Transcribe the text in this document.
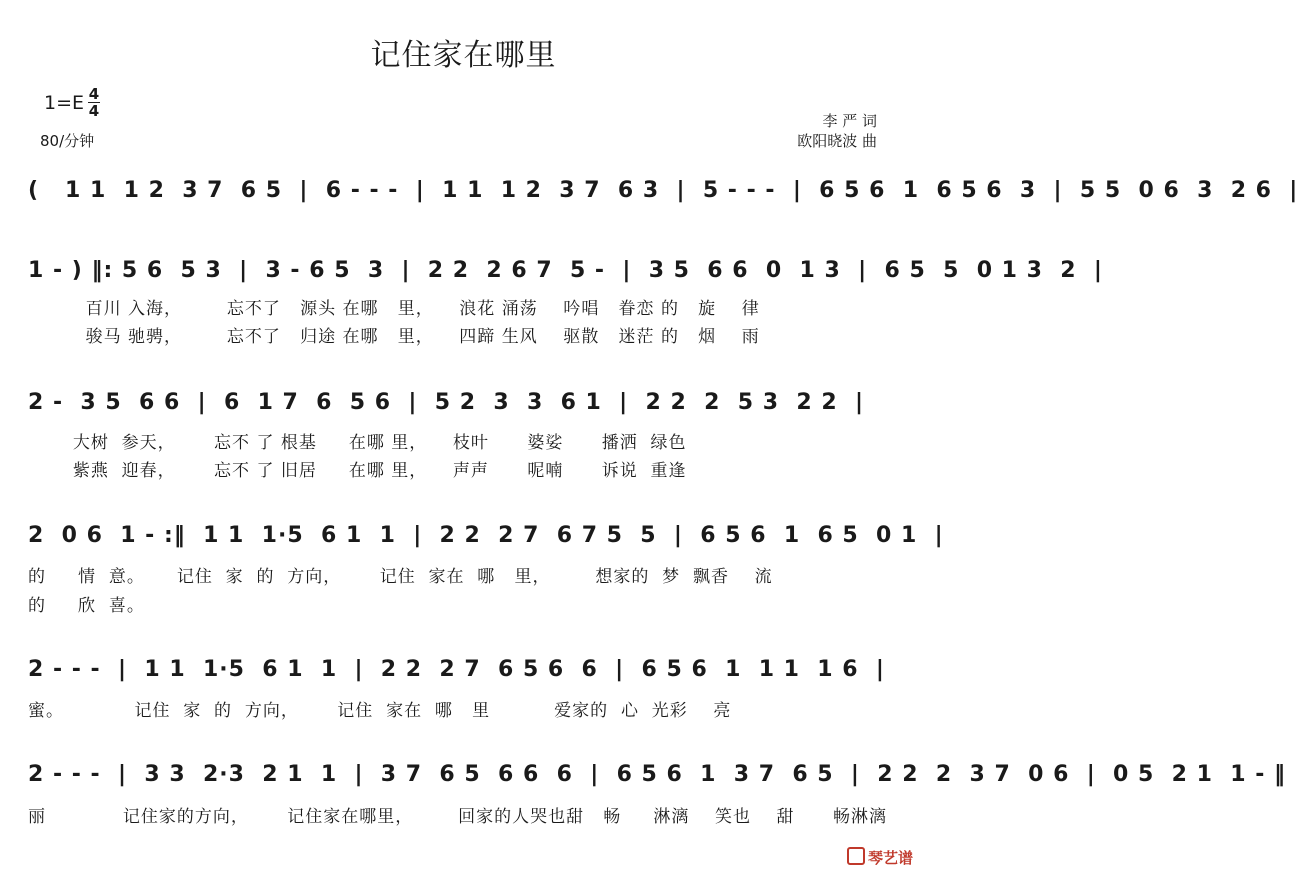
记住家在哪里
$1=E \frac{4}{4}$
80/分钟
李 严 词
欧阳晓波 曲
(   1 1  1 2  3 7  6 5  |  6 - - -  |  1 1  1 2  3 7  6 3  |  5 - - -  |  6 5 6  1  6 5 6  3  |  5 5  0 6  3  2 6  |
1 - ) ‖: 5 6  5 3  |  3 - 6 5  3  |  2 2  2 6 7  5 -  |  3 5  6 6  0  1 3  |  6 5  5  0 1 3  2  |
百川 入海，       忘不了   源头 在哪   里，    浪花 涌荡    吟唱   眷恋 的   旋    律
骏马 驰骋，       忘不了   归途 在哪   里，    四蹄 生风    驱散   迷茫 的   烟    雨
2 -  3 5  6 6  |  6  1 7  6  5 6  |  5 2  3  3  6 1  |  2 2  2  5 3  2 2  |
大树  参天，      忘不 了 根基     在哪 里，    枝叶      婆娑      播洒  绿色
紫燕  迎春，      忘不 了 旧居     在哪 里，    声声      呢喃      诉说  重逢
2  0 6  1 - :‖  1 1  1·5  6 1  1  |  2 2  2 7  6 7 5  5  |  6 5 6  1  6 5  0 1  |
的     情  意。     记住  家  的  方向，      记住  家在  哪   里，       想家的  梦  飘香    流
的     欣  喜。
2 - - -  |  1 1  1·5  6 1  1  |  2 2  2 7  6 5 6  6  |  6 5 6  1  1 1  1 6  |
蜜。           记住  家  的  方向，      记住  家在  哪   里          爱家的  心  光彩    亮
2 - - -  |  3 3  2·3  2 1  1  |  3 7  6 5  6 6  6  |  6 5 6  1  3 7  6 5  |  2 2  2  3 7  0 6  |  0 5  2 1  1 - ‖
丽            记住家的方向，      记住家在哪里，       回家的人哭也甜   畅     淋漓    笑也    甜      畅淋漓
琴艺谱
